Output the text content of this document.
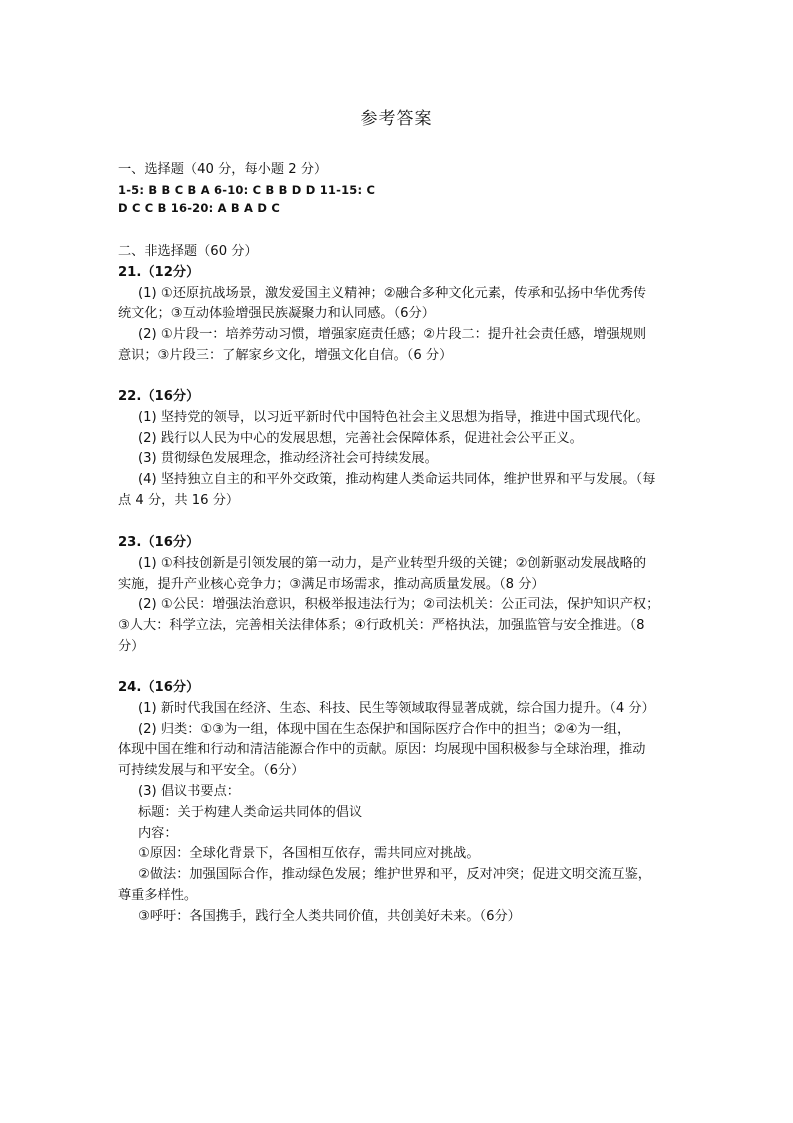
参考答案
一、选择题（40 分，每小题 2 分）
1-5: B B C B A 6-10: C B B D D 11-15: C
D C C B 16-20: A B A D C
二、非选择题（60 分）
21.（12分）
(1) ①还原抗战场景，激发爱国主义精神；②融合多种文化元素，传承和弘扬中华优秀传
统文化；③互动体验增强民族凝聚力和认同感。（6分）
(2) ①片段一：培养劳动习惯，增强家庭责任感；②片段二：提升社会责任感，增强规则
意识；③片段三：了解家乡文化，增强文化自信。（6 分）
22.（16分）
(1) 坚持党的领导，以习近平新时代中国特色社会主义思想为指导，推进中国式现代化。
(2) 践行以人民为中心的发展思想，完善社会保障体系，促进社会公平正义。
(3) 贯彻绿色发展理念，推动经济社会可持续发展。
(4) 坚持独立自主的和平外交政策，推动构建人类命运共同体，维护世界和平与发展。（每
点 4 分，共 16 分）
23.（16分）
(1) ①科技创新是引领发展的第一动力，是产业转型升级的关键；②创新驱动发展战略的
实施，提升产业核心竞争力；③满足市场需求，推动高质量发展。（8 分）
(2) ①公民：增强法治意识，积极举报违法行为；②司法机关：公正司法，保护知识产权；
③人大：科学立法，完善相关法律体系；④行政机关：严格执法，加强监管与安全推进。（8
分）
24.（16分）
(1) 新时代我国在经济、生态、科技、民生等领域取得显著成就，综合国力提升。（4 分）
(2) 归类：①③为一组，体现中国在生态保护和国际医疗合作中的担当；②④为一组，
体现中国在维和行动和清洁能源合作中的贡献。原因：均展现中国积极参与全球治理，推动
可持续发展与和平安全。（6分）
(3) 倡议书要点：
标题：关于构建人类命运共同体的倡议
内容：
①原因：全球化背景下，各国相互依存，需共同应对挑战。
②做法：加强国际合作，推动绿色发展；维护世界和平，反对冲突；促进文明交流互鉴，
尊重多样性。
③呼吁：各国携手，践行全人类共同价值，共创美好未来。（6分）
